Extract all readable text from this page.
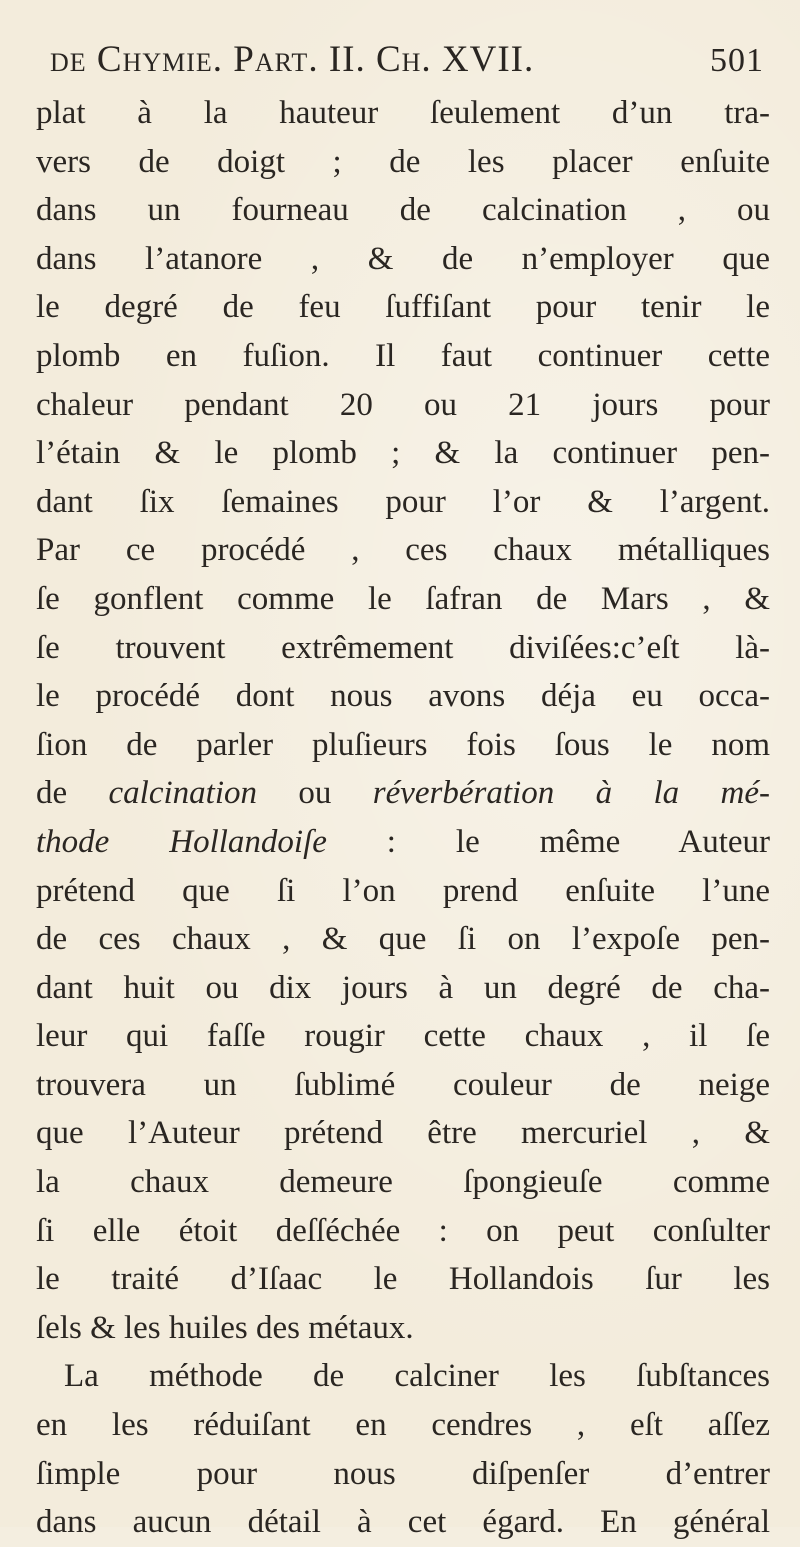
de Chymie. Part. II. Ch. XVII.	501
plat à la hauteur ſeulement d’un tra-
vers de doigt ; de les placer enſuite
dans un fourneau de calcination , ou
dans l’atanore , & de n’employer que
le degré de feu ſuffiſant pour tenir le
plomb en fuſion. Il faut continuer cette
chaleur pendant 20 ou 21 jours pour
l’étain & le plomb ; & la continuer pen-
dant ſix ſemaines pour l’or & l’argent.
Par ce procédé , ces chaux métalliques
ſe gonflent comme le ſafran de Mars , &
ſe trouvent extrêmement diviſées:c’eſt là-
le procédé dont nous avons déja eu occa-
ſion de parler pluſieurs fois ſous le nom
de calcination ou réverbération à la mé-
thode Hollandoiſe : le même Auteur
prétend que ſi l’on prend enſuite l’une
de ces chaux , & que ſi on l’expoſe pen-
dant huit ou dix jours à un degré de cha-
leur qui faſſe rougir cette chaux , il ſe
trouvera un ſublimé couleur de neige
que l’Auteur prétend être mercuriel , &
la chaux demeure ſpongieuſe comme
ſi elle étoit deſſéchée : on peut conſulter
le traité d’Iſaac le Hollandois ſur les
ſels & les huiles des métaux.
La méthode de calciner les ſubſtances
en les réduiſant en cendres , eſt aſſez
ſimple pour nous diſpenſer d’entrer
dans aucun détail à cet égard. En général
